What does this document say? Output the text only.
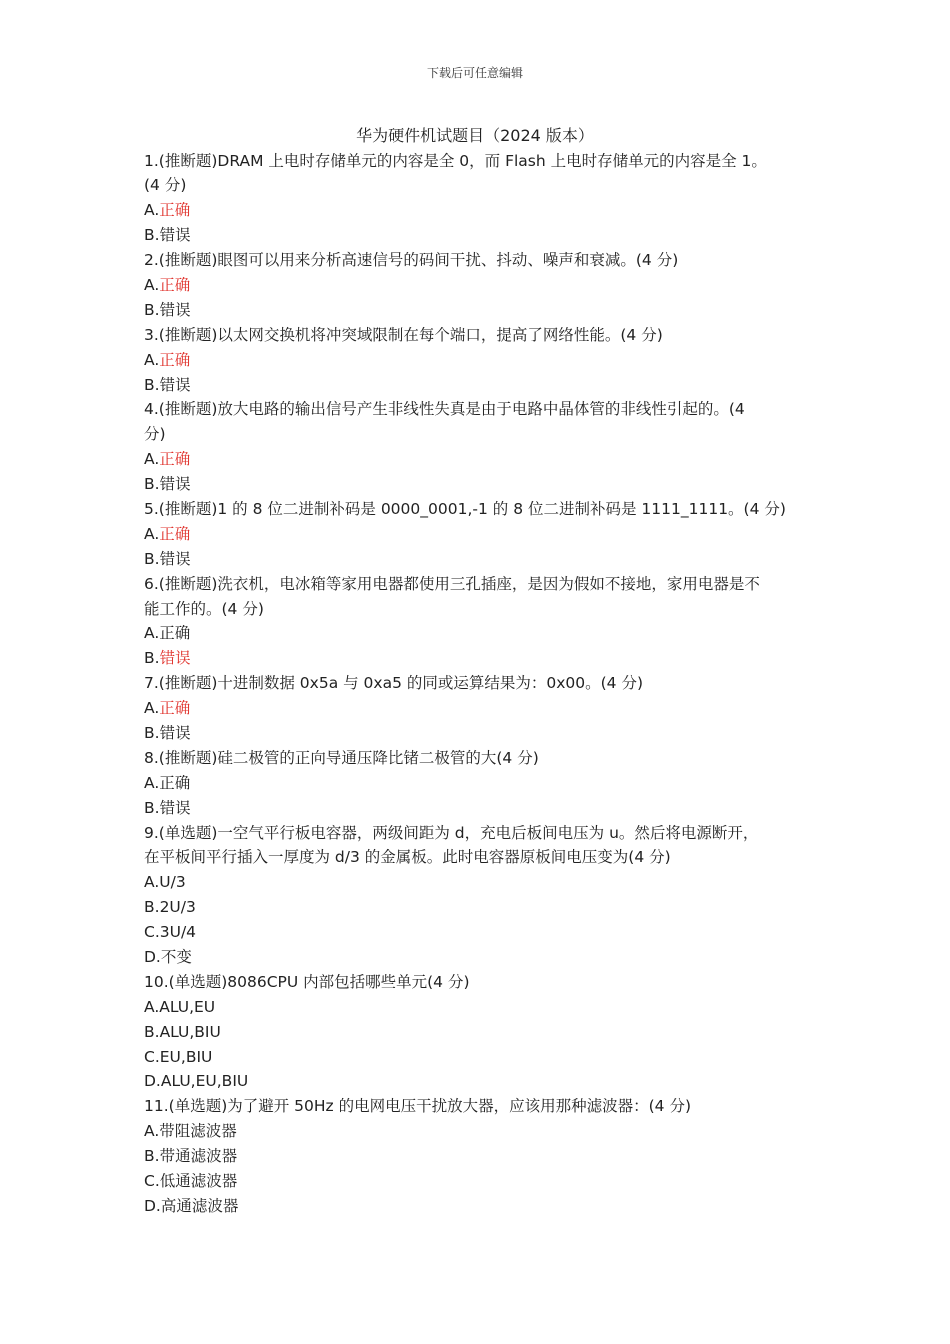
下载后可任意编辑
华为硬件机试题目（2024 版本）
1.(推断题)DRAM 上电时存储单元的内容是全 0，而 Flash 上电时存储单元的内容是全 1。
(4 分)
A.正确
B.错误
2.(推断题)眼图可以用来分析高速信号的码间干扰、抖动、噪声和衰减。(4 分)
A.正确
B.错误
3.(推断题)以太网交换机将冲突域限制在每个端口，提高了网络性能。(4 分)
A.正确
B.错误
4.(推断题)放大电路的输出信号产生非线性失真是由于电路中晶体管的非线性引起的。(4
分)
A.正确
B.错误
5.(推断题)1 的 8 位二进制补码是 0000_0001,-1 的 8 位二进制补码是 1111_1111。(4 分)
A.正确
B.错误
6.(推断题)洗衣机，电冰箱等家用电器都使用三孔插座，是因为假如不接地，家用电器是不
能工作的。(4 分)
A.正确
B.错误
7.(推断题)十进制数据 0x5a 与 0xa5 的同或运算结果为：0x00。(4 分)
A.正确
B.错误
8.(推断题)硅二极管的正向导通压降比锗二极管的大(4 分)
A.正确
B.错误
9.(单选题)一空气平行板电容器，两级间距为 d，充电后板间电压为 u。然后将电源断开，
在平板间平行插入一厚度为 d/3 的金属板。此时电容器原板间电压变为(4 分)
A.U/3
B.2U/3
C.3U/4
D.不变
10.(单选题)8086CPU 内部包括哪些单元(4 分)
A.ALU,EU
B.ALU,BIU
C.EU,BIU
D.ALU,EU,BIU
11.(单选题)为了避开 50Hz 的电网电压干扰放大器，应该用那种滤波器：(4 分)
A.带阻滤波器
B.带通滤波器
C.低通滤波器
D.高通滤波器
